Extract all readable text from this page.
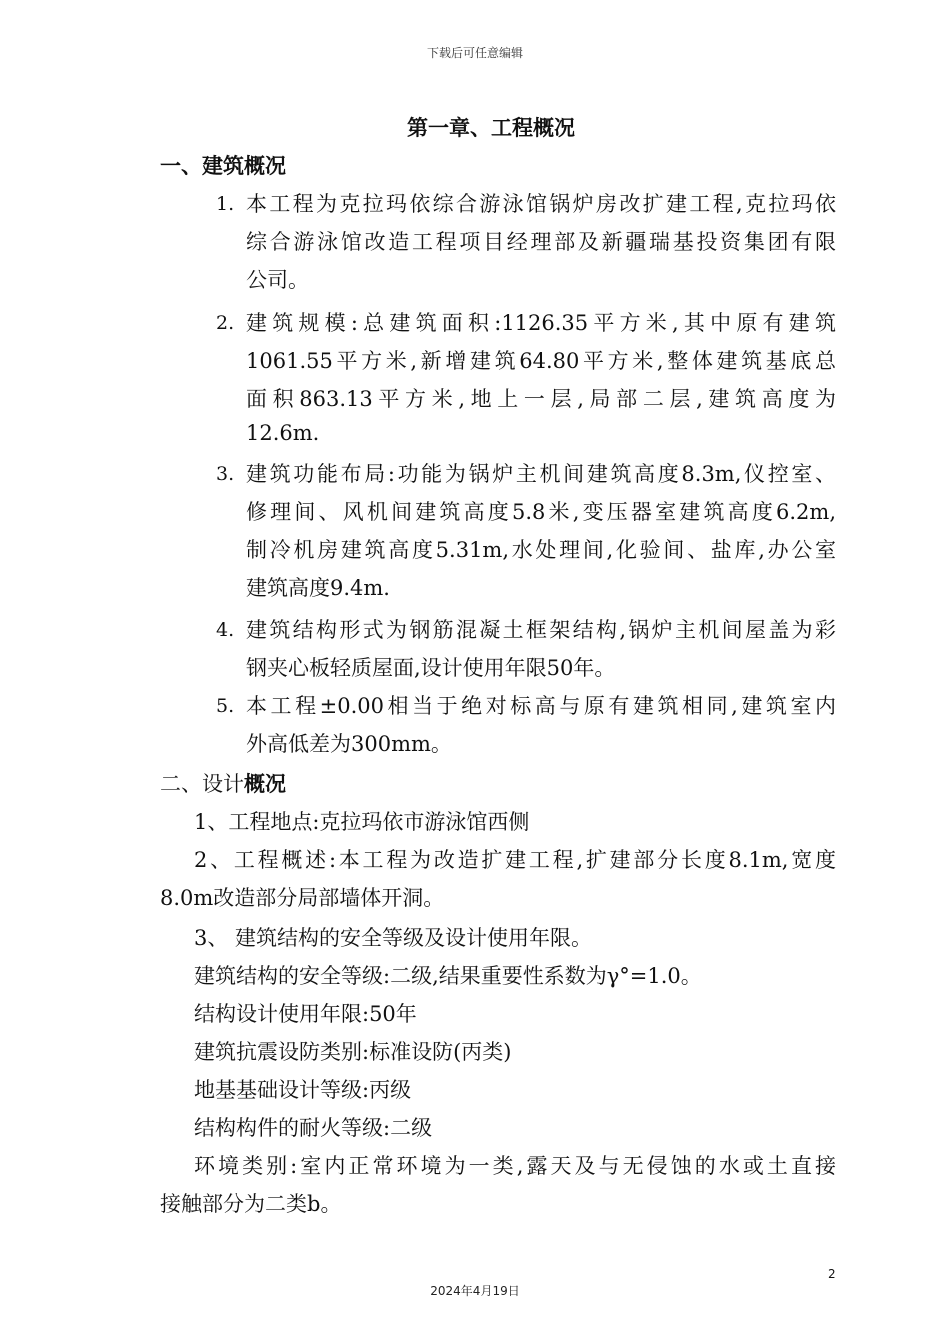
下载后可任意编辑
第一章、工程概况
一、建筑概况
1. 本工程为克拉玛依综合游泳馆锅炉房改扩建工程,克拉玛依
综合游泳馆改造工程项目经理部及新疆瑞基投资集团有限
公司。
2. 建筑规模:总建筑面积:1126.35平方米,其中原有建筑
1061.55平方米,新增建筑64.80平方米,整体建筑基底总
面积863.13平方米,地上一层,局部二层,建筑高度为
12.6m.
3. 建筑功能布局:功能为锅炉主机间建筑高度8.3m,仪控室、
修理间、风机间建筑高度5.8米,变压器室建筑高度6.2m,
制冷机房建筑高度5.31m,水处理间,化验间、盐库,办公室
建筑高度9.4m.
4. 建筑结构形式为钢筋混凝土框架结构,锅炉主机间屋盖为彩
钢夹心板轻质屋面,设计使用年限50年。
5. 本工程±0.00相当于绝对标高与原有建筑相同,建筑室内
外高低差为300mm。
二、设计概况
1、工程地点:克拉玛依市游泳馆西侧
2、工程概述:本工程为改造扩建工程,扩建部分长度8.1m,宽度
8.0m改造部分局部墙体开洞。
3、 建筑结构的安全等级及设计使用年限。
建筑结构的安全等级:二级,结果重要性系数为γ°=1.0。
结构设计使用年限:50年
建筑抗震设防类别:标准设防(丙类)
地基基础设计等级:丙级
结构构件的耐火等级:二级
环境类别:室内正常环境为一类,露天及与无侵蚀的水或土直接
接触部分为二类b。
2
2024年4月19日
